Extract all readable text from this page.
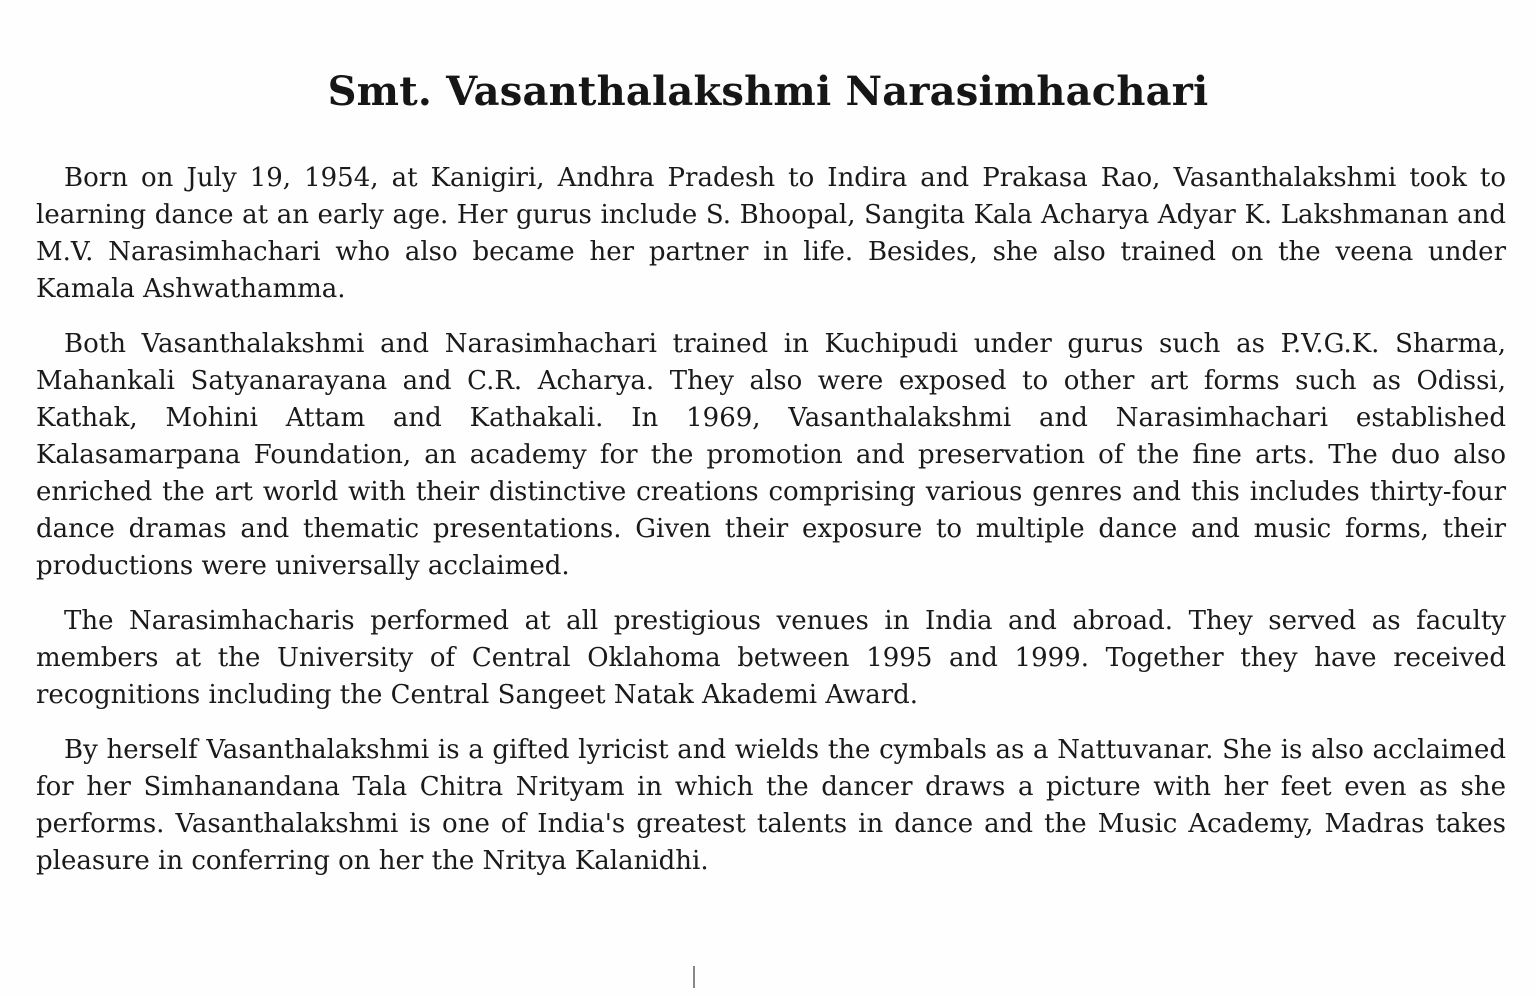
Smt. Vasanthalakshmi Narasimhachari

Born on July 19, 1954, at Kanigiri, Andhra Pradesh to Indira and Prakasa Rao, Vasanthalakshmi took to learning dance at an early age. Her gurus include S. Bhoopal, Sangita Kala Acharya Adyar K. Lakshmanan and M.V. Narasimhachari who also became her partner in life. Besides, she also trained on the veena under Kamala Ashwathamma.

Both Vasanthalakshmi and Narasimhachari trained in Kuchipudi under gurus such as P.V.G.K. Sharma, Mahankali Satyanarayana and C.R. Acharya. They also were exposed to other art forms such as Odissi, Kathak, Mohini Attam and Kathakali. In 1969, Vasanthalakshmi and Narasimhachari established Kalasamarpana Foundation, an academy for the promotion and preservation of the fine arts. The duo also enriched the art world with their distinctive creations comprising various genres and this includes thirty-four dance dramas and thematic presentations. Given their exposure to multiple dance and music forms, their productions were universally acclaimed.

The Narasimhacharis performed at all prestigious venues in India and abroad. They served as faculty members at the University of Central Oklahoma between 1995 and 1999. Together they have received recognitions including the Central Sangeet Natak Akademi Award.

By herself Vasanthalakshmi is a gifted lyricist and wields the cymbals as a Nattuvanar. She is also acclaimed for her Simhanandana Tala Chitra Nrityam in which the dancer draws a picture with her feet even as she performs. Vasanthalakshmi is one of India's greatest talents in dance and the Music Academy, Madras takes pleasure in conferring on her the Nritya Kalanidhi.
